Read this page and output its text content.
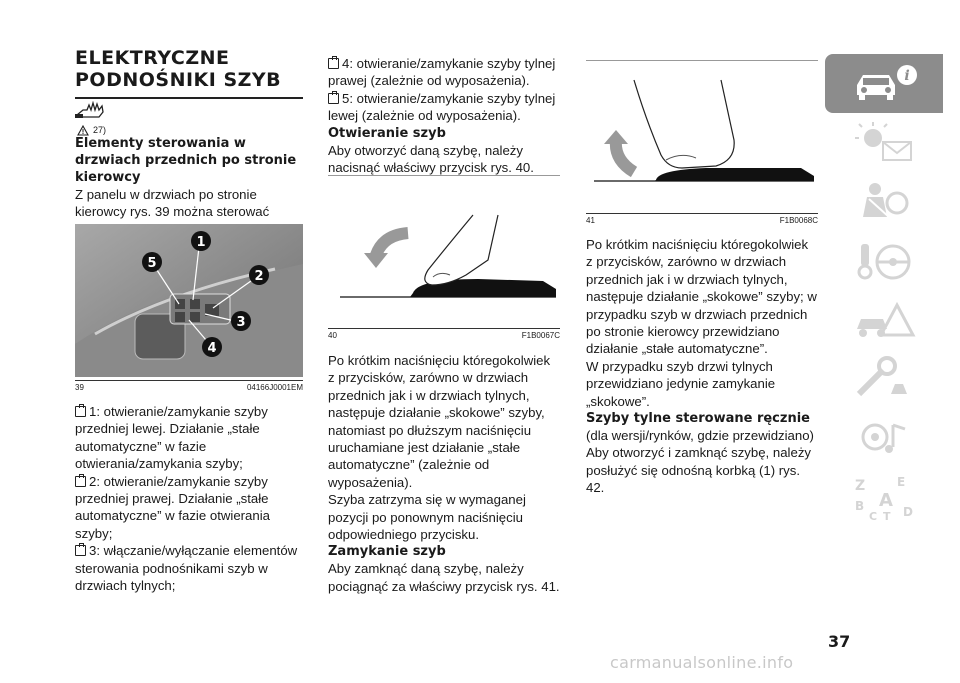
ELEKTRYCZNE PODNOŚNIKI SZYB
27)

Elementy sterowania w drzwiach przednich po stronie kierowcy

Z panelu w drzwiach po stronie kierowcy rys. 39 można sterować

1
2
3
4
5
39	04166J0001EM

1: otwieranie/zamykanie szyby przedniej lewej. Działanie „stałe automatyczne” w fazie otwierania/zamykania szyby;

2: otwieranie/zamykanie szyby przedniej prawej. Działanie „stałe automatyczne” w fazie otwierania szyby;

3: włączanie/wyłączanie elementów sterowania podnośnikami szyb w drzwiach tylnych;

4: otwieranie/zamykanie szyby tylnej prawej (zależnie od wyposażenia).

5: otwieranie/zamykanie szyby tylnej lewej (zależnie od wyposażenia).

Otwieranie szyb

Aby otworzyć daną szybę, należy nacisnąć właściwy przycisk rys. 40.

40	F1B0067C

Po krótkim naciśnięciu któregokolwiek z przycisków, zarówno w drzwiach przednich jak i w drzwiach tylnych, następuje działanie „skokowe” szyby, natomiast po dłuższym naciśnięciu uruchamiane jest działanie „stałe automatyczne” (zależnie od wyposażenia).

Szyba zatrzyma się w wymaganej pozycji po ponownym naciśnięciu odpowiedniego przycisku.

Zamykanie szyb

Aby zamknąć daną szybę, należy pociągnąć za właściwy przycisk rys. 41.

41	F1B0068C

Po krótkim naciśnięciu któregokolwiek z przycisków, zarówno w drzwiach przednich jak i w drzwiach tylnych, następuje działanie „skokowe” szyby; w przypadku szyb w drzwiach przednich po stronie kierowcy przewidziano działanie „stałe automatyczne”.

W przypadku szyb drzwi tylnych przewidziano jedynie zamykanie „skokowe”.

Szyby tylne sterowane ręcznie

(dla wersji/rynków, gdzie przewidziano)

Aby otworzyć i zamknąć szybę, należy posłużyć się odnośną korbką (1) rys. 42.

i
Z	E
B A
C T D
37
carmanualsonline.info
